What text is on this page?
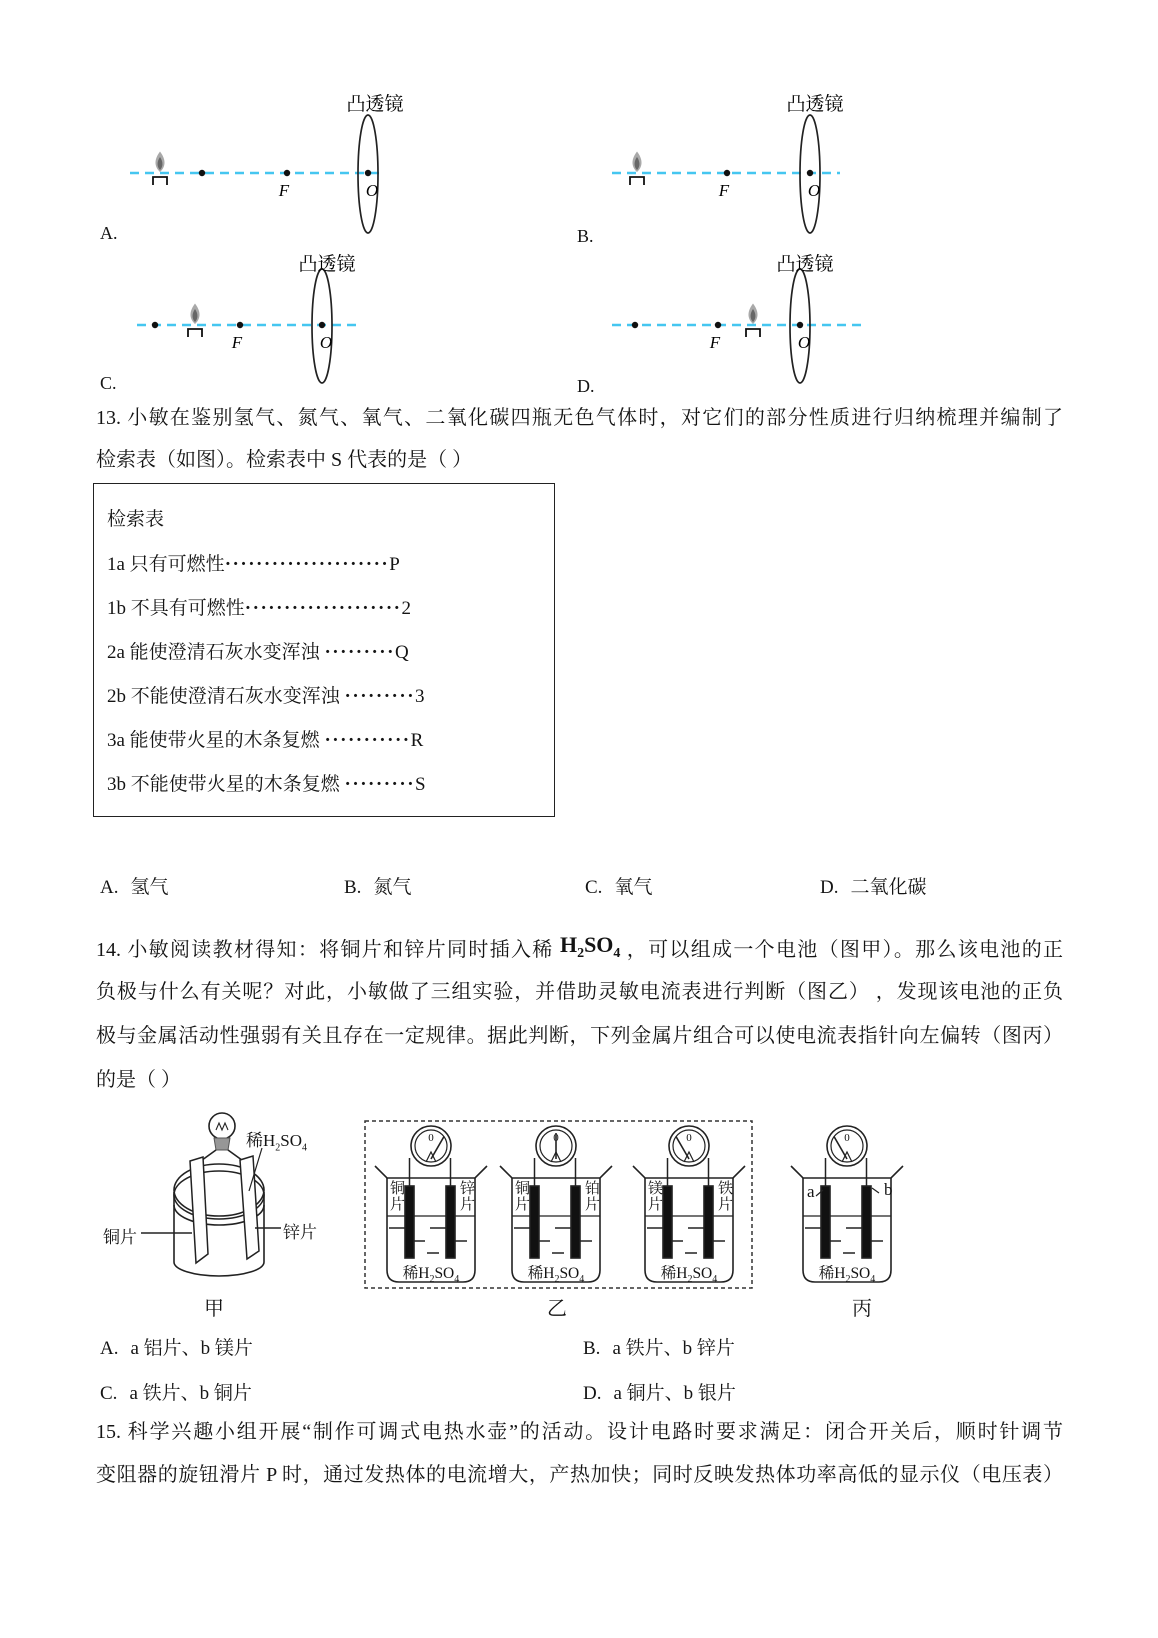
F	O
凸透镜
F	O
凸透镜
F	O
凸透镜
F	O
凸透镜
A.	B.
C.	D.
13. 小敏在鉴别氢气、氮气、氧气、二氧化碳四瓶无色气体时，对它们的部分性质进行归纳梳理并编制了
检索表（如图）。检索表中 S 代表的是（ ）
检索表
1a 只有可燃性·····················P
1b 不具有可燃性····················2
2a 能使澄清石灰水变浑浊 ·········Q
2b 不能使澄清石灰水变浑浊 ·········3
3a 能使带火星的木条复燃 ···········R
3b 不能使带火星的木条复燃 ·········S
A. 氢气	B. 氮气	C. 氧气	D. 二氧化碳
14. 小敏阅读教材得知：将铜片和锌片同时插入稀 $H_2SO_4$ ，可以组成一个电池（图甲）。那么该电池的正
负极与什么有关呢？对此，小敏做了三组实验，并借助灵敏电流表进行判断（图乙） ，发现该电池的正负
极与金属活动性强弱有关且存在一定规律。据此判断，下列金属片组合可以使电流表指针向左偏转（图丙）
的是（ ）
0	0	0	0
稀$H_2SO_4$
铜片	锌片
铜片
锌片
稀$H_2SO_4$
铜片
铂片
稀$H_2SO_4$
镁片
铁片
稀$H_2SO_4$
a	b
稀$H_2SO_4$
甲	乙	丙
A. a 铝片、b 镁片	B. a 铁片、b 锌片
C. a 铁片、b 铜片	D. a 铜片、b 银片
15. 科学兴趣小组开展“制作可调式电热水壶”的活动。设计电路时要求满足：闭合开关后，顺时针调节
变阻器的旋钮滑片 P 时，通过发热体的电流增大，产热加快；同时反映发热体功率高低的显示仪（电压表）
